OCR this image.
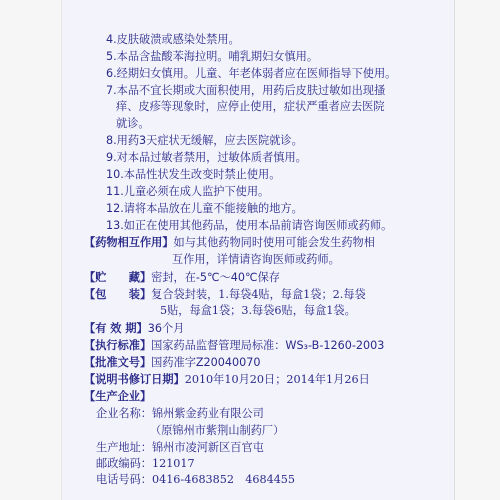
4.皮肤破溃或感染处禁用。
5.本品含盐酸苯海拉明。哺乳期妇女慎用。
6.经期妇女慎用。儿童、年老体弱者应在医师指导下使用。
7.本品不宜长期或大面积使用，用药后皮肤过敏如出现搔
痒、皮疹等现象时，应停止使用，症状严重者应去医院
就诊。
8.用药3天症状无缓解，应去医院就诊。
9.对本品过敏者禁用，过敏体质者慎用。
10.本品性状发生改变时禁止使用。
11.儿童必须在成人监护下使用。
12.请将本品放在儿童不能接触的地方。
13.如正在使用其他药品，使用本品前请咨询医师或药师。
【药物相互作用】如与其他药物同时使用可能会发生药物相
互作用，详情请咨询医师或药师。
【贮　　藏】密封，在-5℃～40℃保存
【包　　装】复合袋封装，1.每袋4贴，每盒1袋；2.每袋
5贴，每盒1袋；3.每袋6贴，每盒1袋。
【有 效 期】36个月
【执行标准】国家药品监督管理局标准：WS₃-B-1260-2003
【批准文号】国药准字Z20040070
【说明书修订日期】2010年10月20日；2014年1月26日
【生产企业】
企业名称：锦州紫金药业有限公司
（原锦州市紫荆山制药厂）
生产地址：锦州市凌河新区百官屯
邮政编码：121017
电话号码：0416-4683852　4684455
